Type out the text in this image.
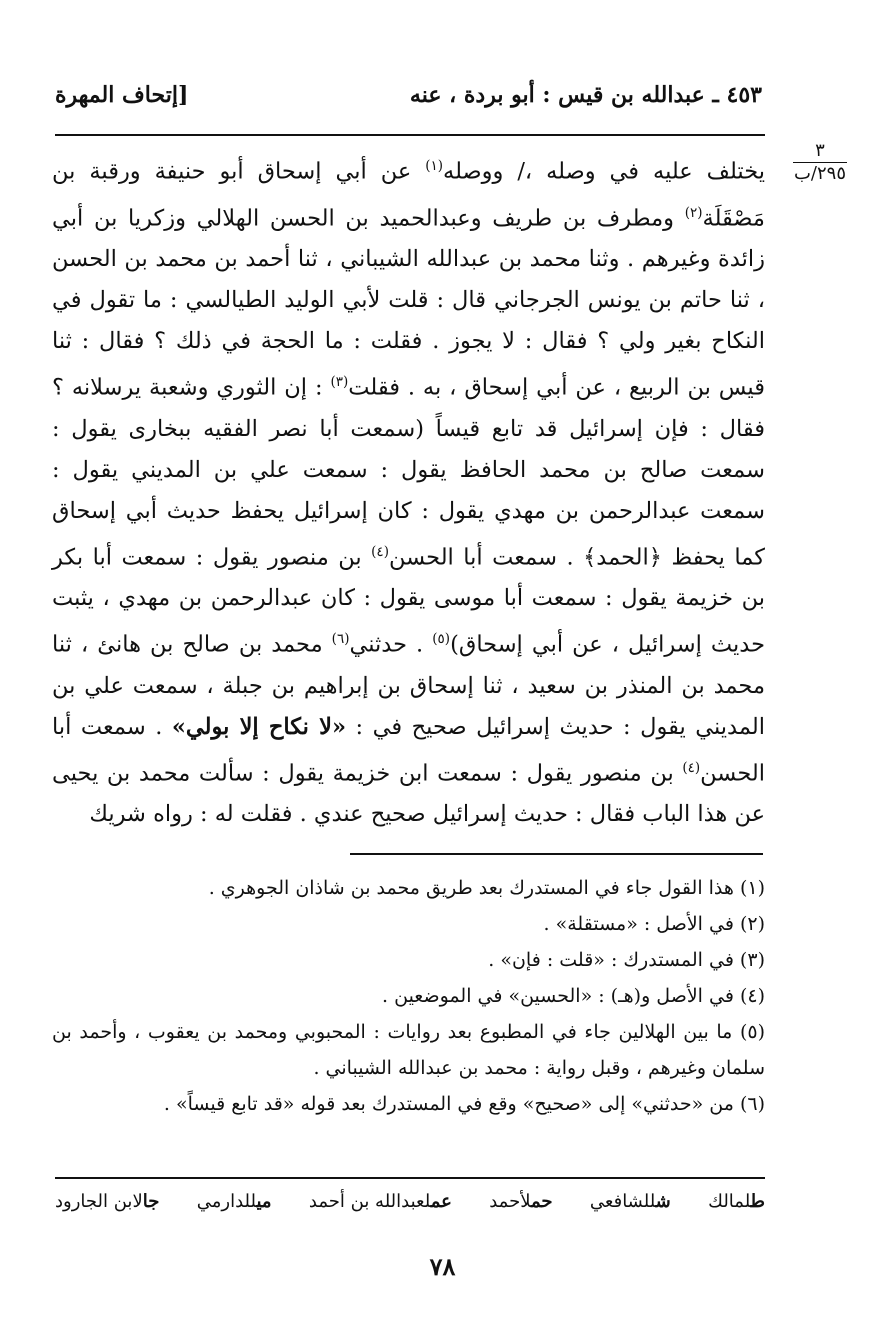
٤٥٣ ـ عبدالله بن قيس : أبو بردة ، عنه
[إتحاف المهرة
٣
٢٩٥/ب

يختلف عليه في وصله ،/ ووصله$^{(١)}$ عن أبي إسحاق أبو حنيفة ورقبة بن مَصْقَلَة$^{(٢)}$ ومطرف بن طريف وعبدالحميد بن الحسن الهلالي وزكريا بن أبي زائدة وغيرهم . وثنا محمد بن عبدالله الشيباني ، ثنا أحمد بن محمد بن الحسن ، ثنا حاتم بن يونس الجرجاني قال : قلت لأبي الوليد الطيالسي : ما تقول في النكاح بغير ولي ؟ فقال : لا يجوز . فقلت : ما الحجة في ذلك ؟ فقال : ثنا قيس بن الربيع ، عن أبي إسحاق ، به . فقلت$^{(٣)}$ : إن الثوري وشعبة يرسلانه ؟ فقال : فإن إسرائيل قد تابع قيساً (سمعت أبا نصر الفقيه ببخارى يقول : سمعت صالح بن محمد الحافظ يقول : سمعت علي بن المديني يقول : سمعت عبدالرحمن بن مهدي يقول : كان إسرائيل يحفظ حديث أبي إسحاق كما يحفظ ﴿الحمد﴾ . سمعت أبا الحسن$^{(٤)}$ بن منصور يقول : سمعت أبا بكر بن خزيمة يقول : سمعت أبا موسى يقول : كان عبدالرحمن بن مهدي ، يثبت حديث إسرائيل ، عن أبي إسحاق)$^{(٥)}$ . حدثني$^{(٦)}$ محمد بن صالح بن هانئ ، ثنا محمد بن المنذر بن سعيد ، ثنا إسحاق بن إبراهيم بن جبلة ، سمعت علي بن المديني يقول : حديث إسرائيل صحيح في : «لا نكاح إلا بولي» . سمعت أبا الحسن$^{(٤)}$ بن منصور يقول : سمعت ابن خزيمة يقول : سألت محمد بن يحيى عن هذا الباب فقال : حديث إسرائيل صحيح عندي . فقلت له : رواه شريك

(١) هذا القول جاء في المستدرك بعد طريق محمد بن شاذان الجوهري .
(٢) في الأصل : «مستقلة» .
(٣) في المستدرك : «قلت : فإن» .
(٤) في الأصل و(هـ) : «الحسين» في الموضعين .
(٥) ما بين الهلالين جاء في المطبوع بعد روايات : المحبوبي ومحمد بن يعقوب ، وأحمد بن سلمان وغيرهم ، وقبل رواية : محمد بن عبدالله الشيباني .
(٦) من «حدثني» إلى «صحيح» وقع في المستدرك بعد قوله «قد تابع قيساً» .
طلمالك
شللشافعي
حملأحمد
عملعبدالله بن أحمد
ميللدارمي
جالابن الجارود
٧٨
